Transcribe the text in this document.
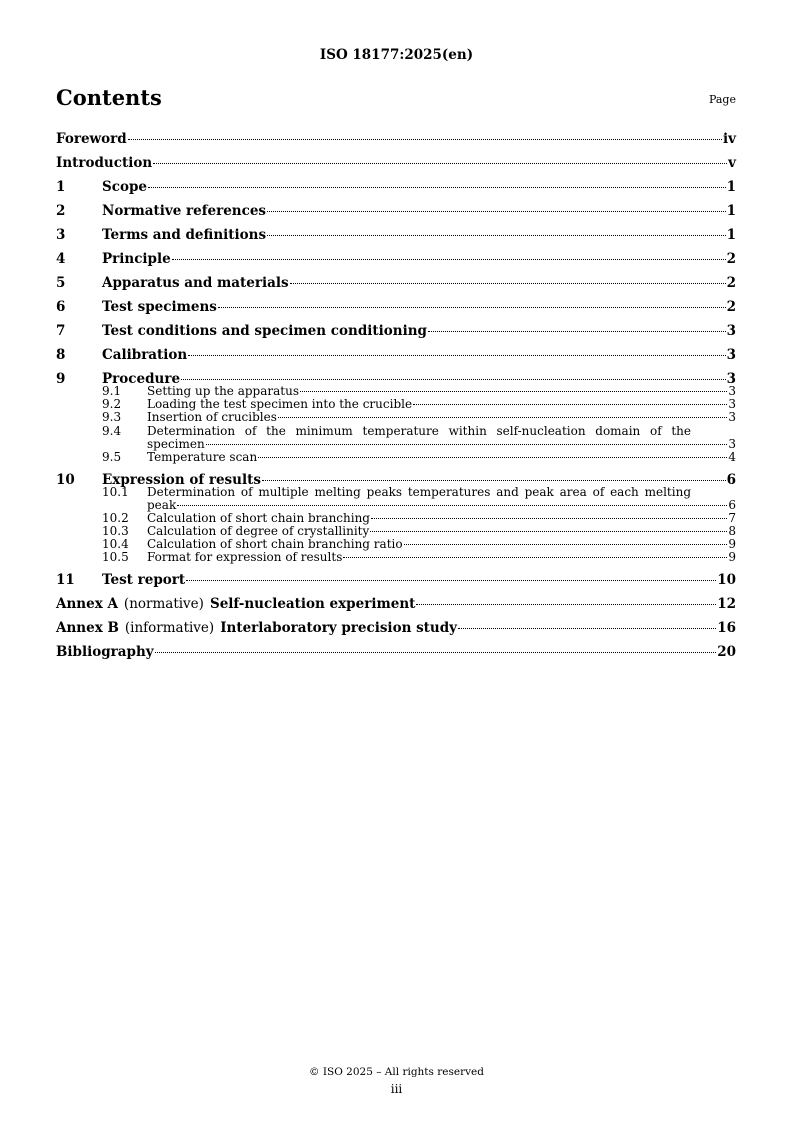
ISO 18177:2025(en)
Contents	Page
Foreword	iv
Introduction	v
1	Scope	1
2	Normative references	1
3	Terms and definitions	1
4	Principle	2
5	Apparatus and materials	2
6	Test specimens	2
7	Test conditions and specimen conditioning	3
8	Calibration	3
9	Procedure	3
9.1	Setting up the apparatus	3
9.2	Loading the test specimen into the crucible	3
9.3	Insertion of crucibles	3
9.4	Determination of the minimum temperature within self-nucleation domain of the
specimen	3
9.5	Temperature scan	4
10	Expression of results	6
10.1	Determination of multiple melting peaks temperatures and peak area of each melting
peak	6
10.2	Calculation of short chain branching	7
10.3	Calculation of degree of crystallinity	8
10.4	Calculation of short chain branching ratio	9
10.5	Format for expression of results	9
11	Test report	10
Annex A (normative) Self-nucleation experiment	12
Annex B (informative) Interlaboratory precision study	16
Bibliography	20
© ISO 2025 – All rights reserved
iii
